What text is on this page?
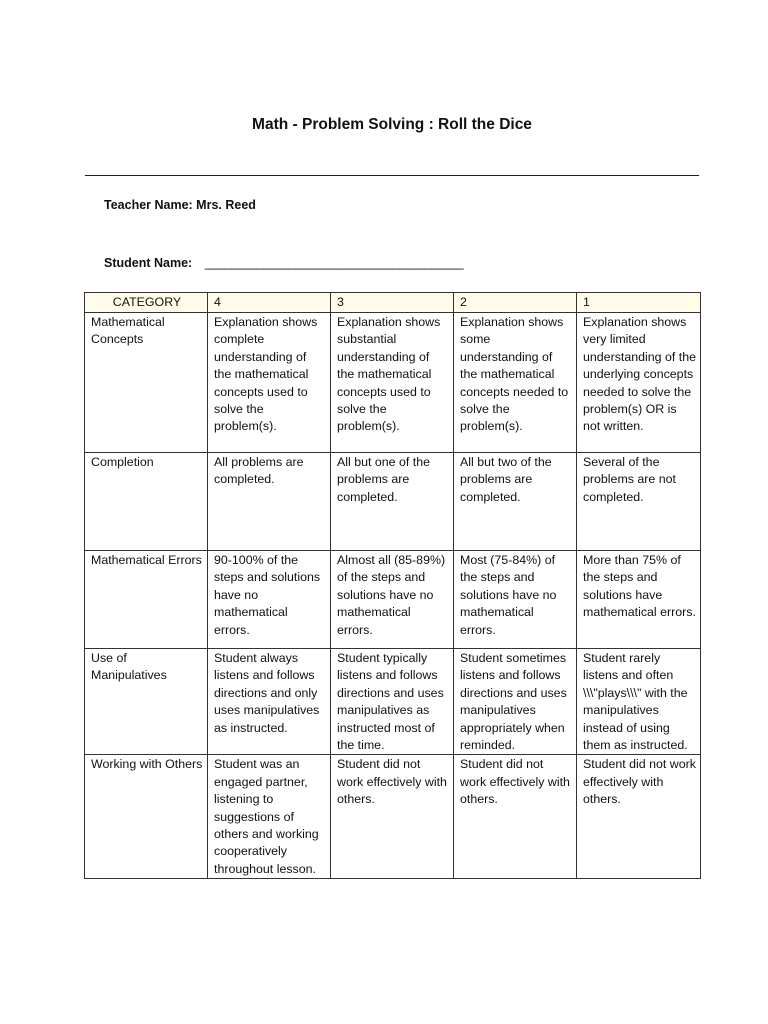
Math - Problem Solving : Roll the Dice
Teacher Name: Mrs. Reed
Student Name: ________________________________________
CATEGORY	4	3	2	1
Mathematical Concepts	Explanation shows complete understanding of the mathematical concepts used to solve the problem(s).	Explanation shows substantial understanding of the mathematical concepts used to solve the problem(s).	Explanation shows some understanding of the mathematical concepts needed to solve the problem(s).	Explanation shows very limited understanding of the underlying concepts needed to solve the problem(s) OR is not written.
Completion	All problems are completed.	All but one of the problems are completed.	All but two of the problems are completed.	Several of the problems are not completed.
Mathematical Errors	90-100% of the steps and solutions have no mathematical errors.	Almost all (85-89%) of the steps and solutions have no mathematical errors.	Most (75-84%) of the steps and solutions have no mathematical errors.	More than 75% of the steps and solutions have mathematical errors.
Use of Manipulatives	Student always listens and follows directions and only uses manipulatives as instructed.	Student typically listens and follows directions and uses manipulatives as instructed most of the time.	Student sometimes listens and follows directions and uses manipulatives appropriately when reminded.	Student rarely listens and often \\\"plays\\\" with the manipulatives instead of using them as instructed.
Working with Others	Student was an engaged partner, listening to suggestions of others and working cooperatively throughout lesson.	Student did not work effectively with others.	Student did not work effectively with others.	Student did not work effectively with others.
